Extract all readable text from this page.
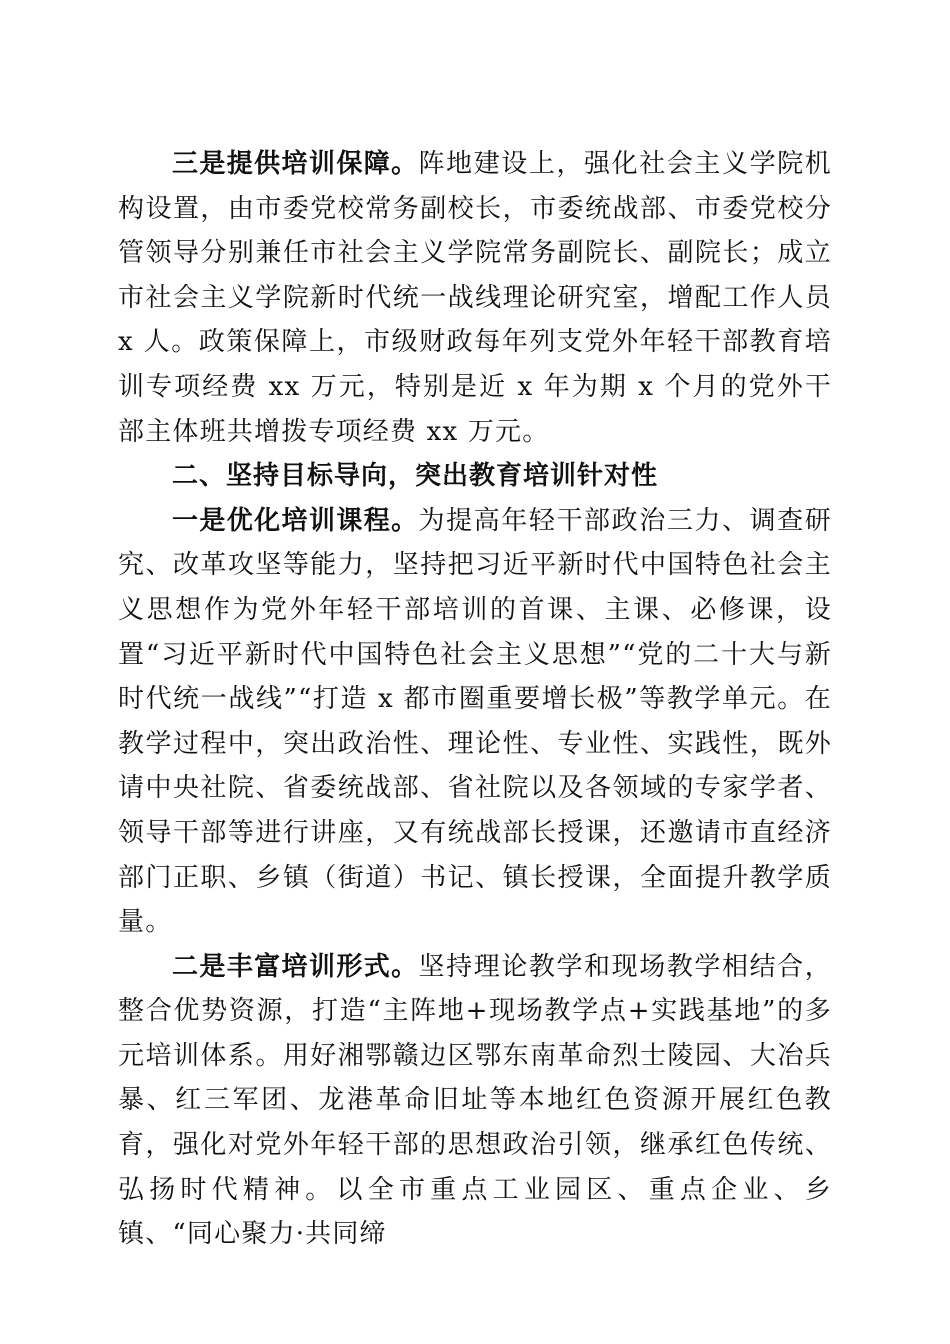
三是提供培训保障。阵地建设上，强化社会主义学院机构设置，由市委党校常务副校长，市委统战部、市委党校分管领导分别兼任市社会主义学院常务副院长、副院长；成立市社会主义学院新时代统一战线理论研究室，增配工作人员 x 人。政策保障上，市级财政每年列支党外年轻干部教育培训专项经费 xx 万元，特别是近 x 年为期 x 个月的党外干部主体班共增拨专项经费 xx 万元。

二、坚持目标导向，突出教育培训针对性

一是优化培训课程。为提高年轻干部政治三力、调查研究、改革攻坚等能力，坚持把习近平新时代中国特色社会主义思想作为党外年轻干部培训的首课、主课、必修课，设置“习近平新时代中国特色社会主义思想”“党的二十大与新时代统一战线”“打造 x 都市圈重要增长极”等教学单元。在教学过程中，突出政治性、理论性、专业性、实践性，既外请中央社院、省委统战部、省社院以及各领域的专家学者、领导干部等进行讲座，又有统战部长授课，还邀请市直经济部门正职、乡镇（街道）书记、镇长授课，全面提升教学质量。

二是丰富培训形式。坚持理论教学和现场教学相结合，整合优势资源，打造“主阵地+现场教学点+实践基地”的多元培训体系。用好湘鄂赣边区鄂东南革命烈士陵园、大冶兵暴、红三军团、龙港革命旧址等本地红色资源开展红色教育，强化对党外年轻干部的思想政治引领，继承红色传统、弘扬时代精神。以全市重点工业园区、重点企业、乡镇、“同心聚力·共同缔
